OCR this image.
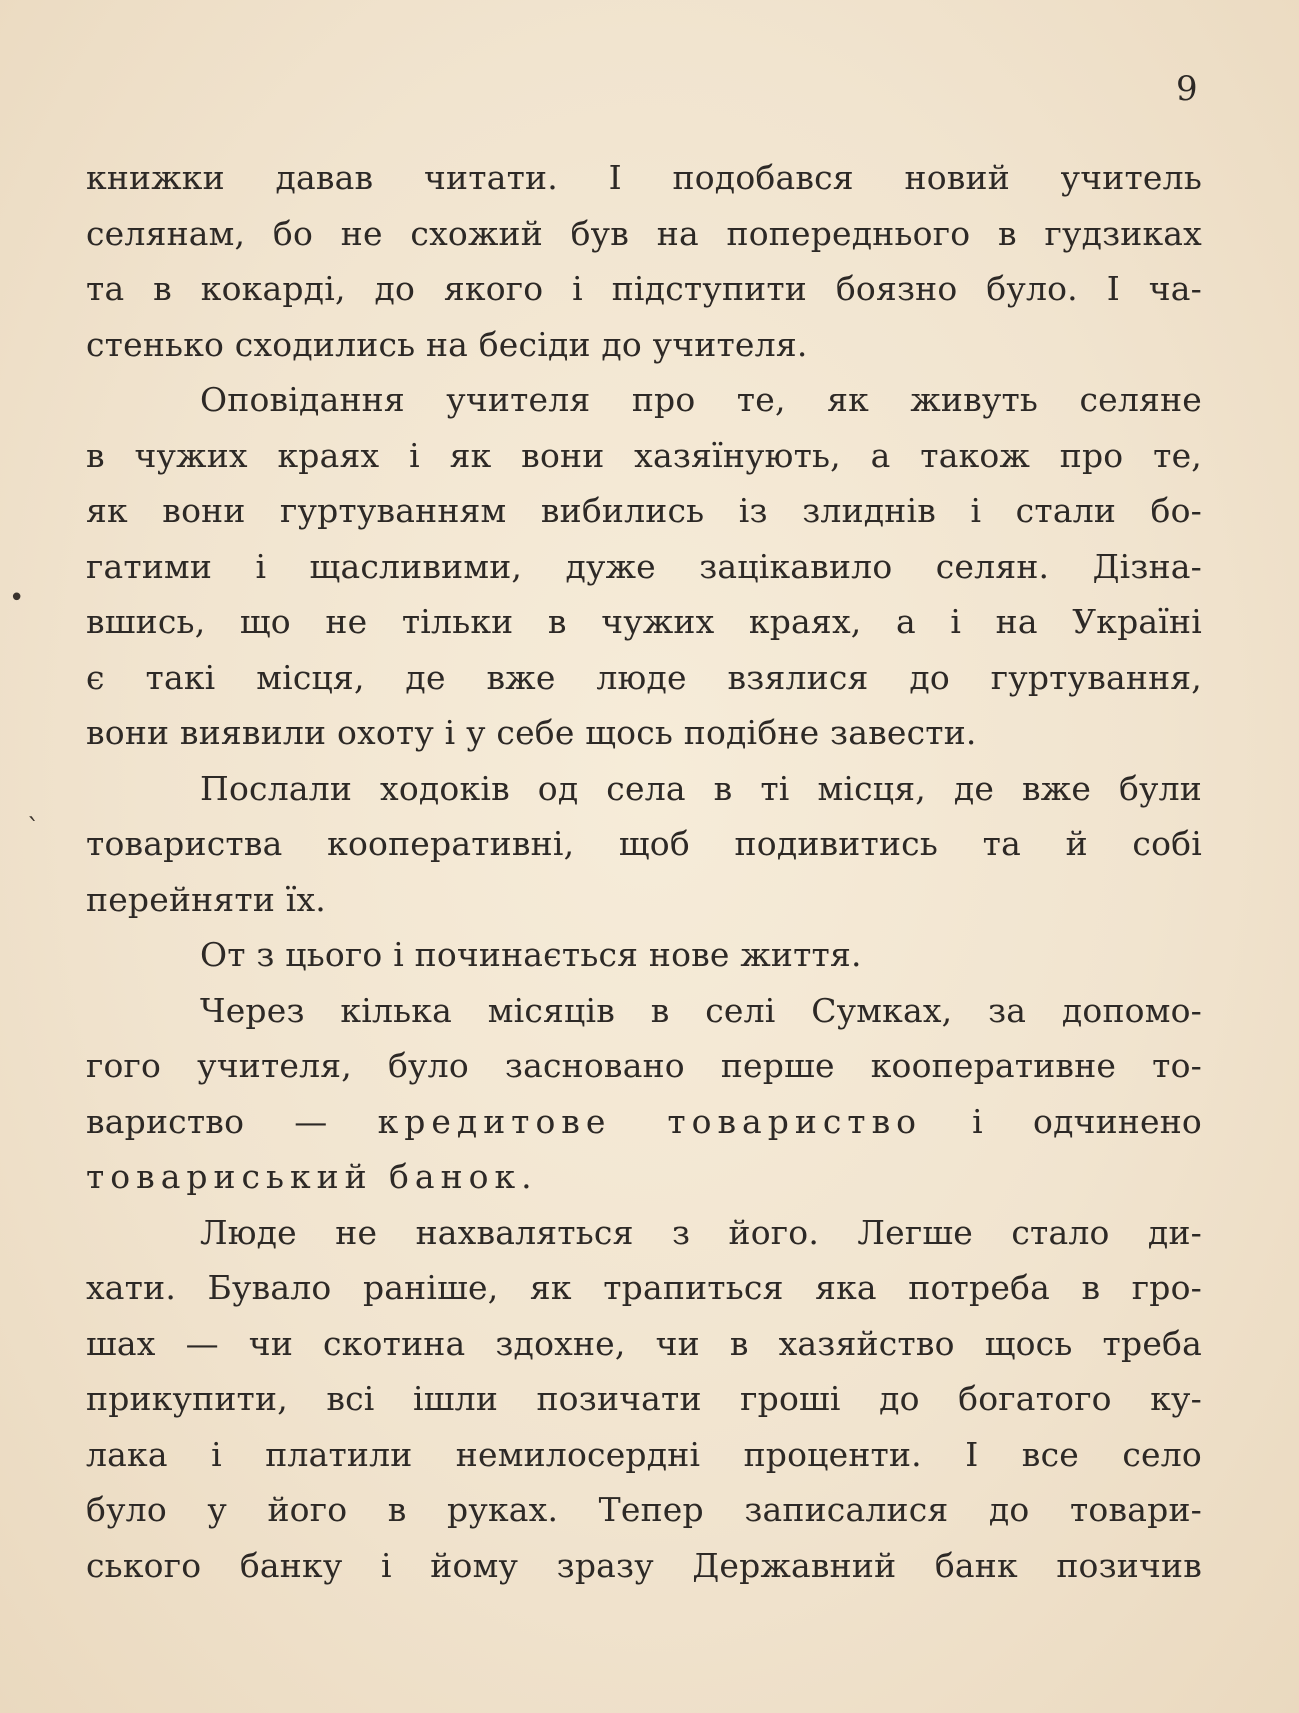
9
•
`
книжки давав читати. І подобався новий учитель
селянам, бо не схожий був на попереднього в гудзиках
та в кокарді, до якого і підступити боязно було. І ча-
стенько сходились на бесіди до учителя.
Оповідання учителя про те, як живуть селяне
в чужих краях і як вони хазяїнують, а також про те,
як вони гуртуванням вибились із злиднів і стали бо-
гатими і щасливими, дуже зацікавило селян. Дізна-
вшись, що не тільки в чужих краях, а і на Україні
є такі місця, де вже люде взялися до гуртування,
вони виявили охоту і у себе щось подібне завести.
Послали ходоків од села в ті місця, де вже були
товариства кооперативні, щоб подивитись та й собі
перейняти їх.
От з цього і починається нове життя.
Через кілька місяців в селі Сумках, за допомо-
гого учителя, було засновано перше кооперативне то-
вариство — кредитове товариство і одчинено
товариський банок.
Люде не нахваляться з його. Легше стало ди-
хати. Бувало раніше, як трапиться яка потреба в гро-
шах — чи скотина здохне, чи в хазяйство щось треба
прикупити, всі ішли позичати гроші до богатого ку-
лака і платили немилосердні проценти. І все село
було у його в руках. Тепер записалися до товари-
ського банку і йому зразу Державний банк позичив
